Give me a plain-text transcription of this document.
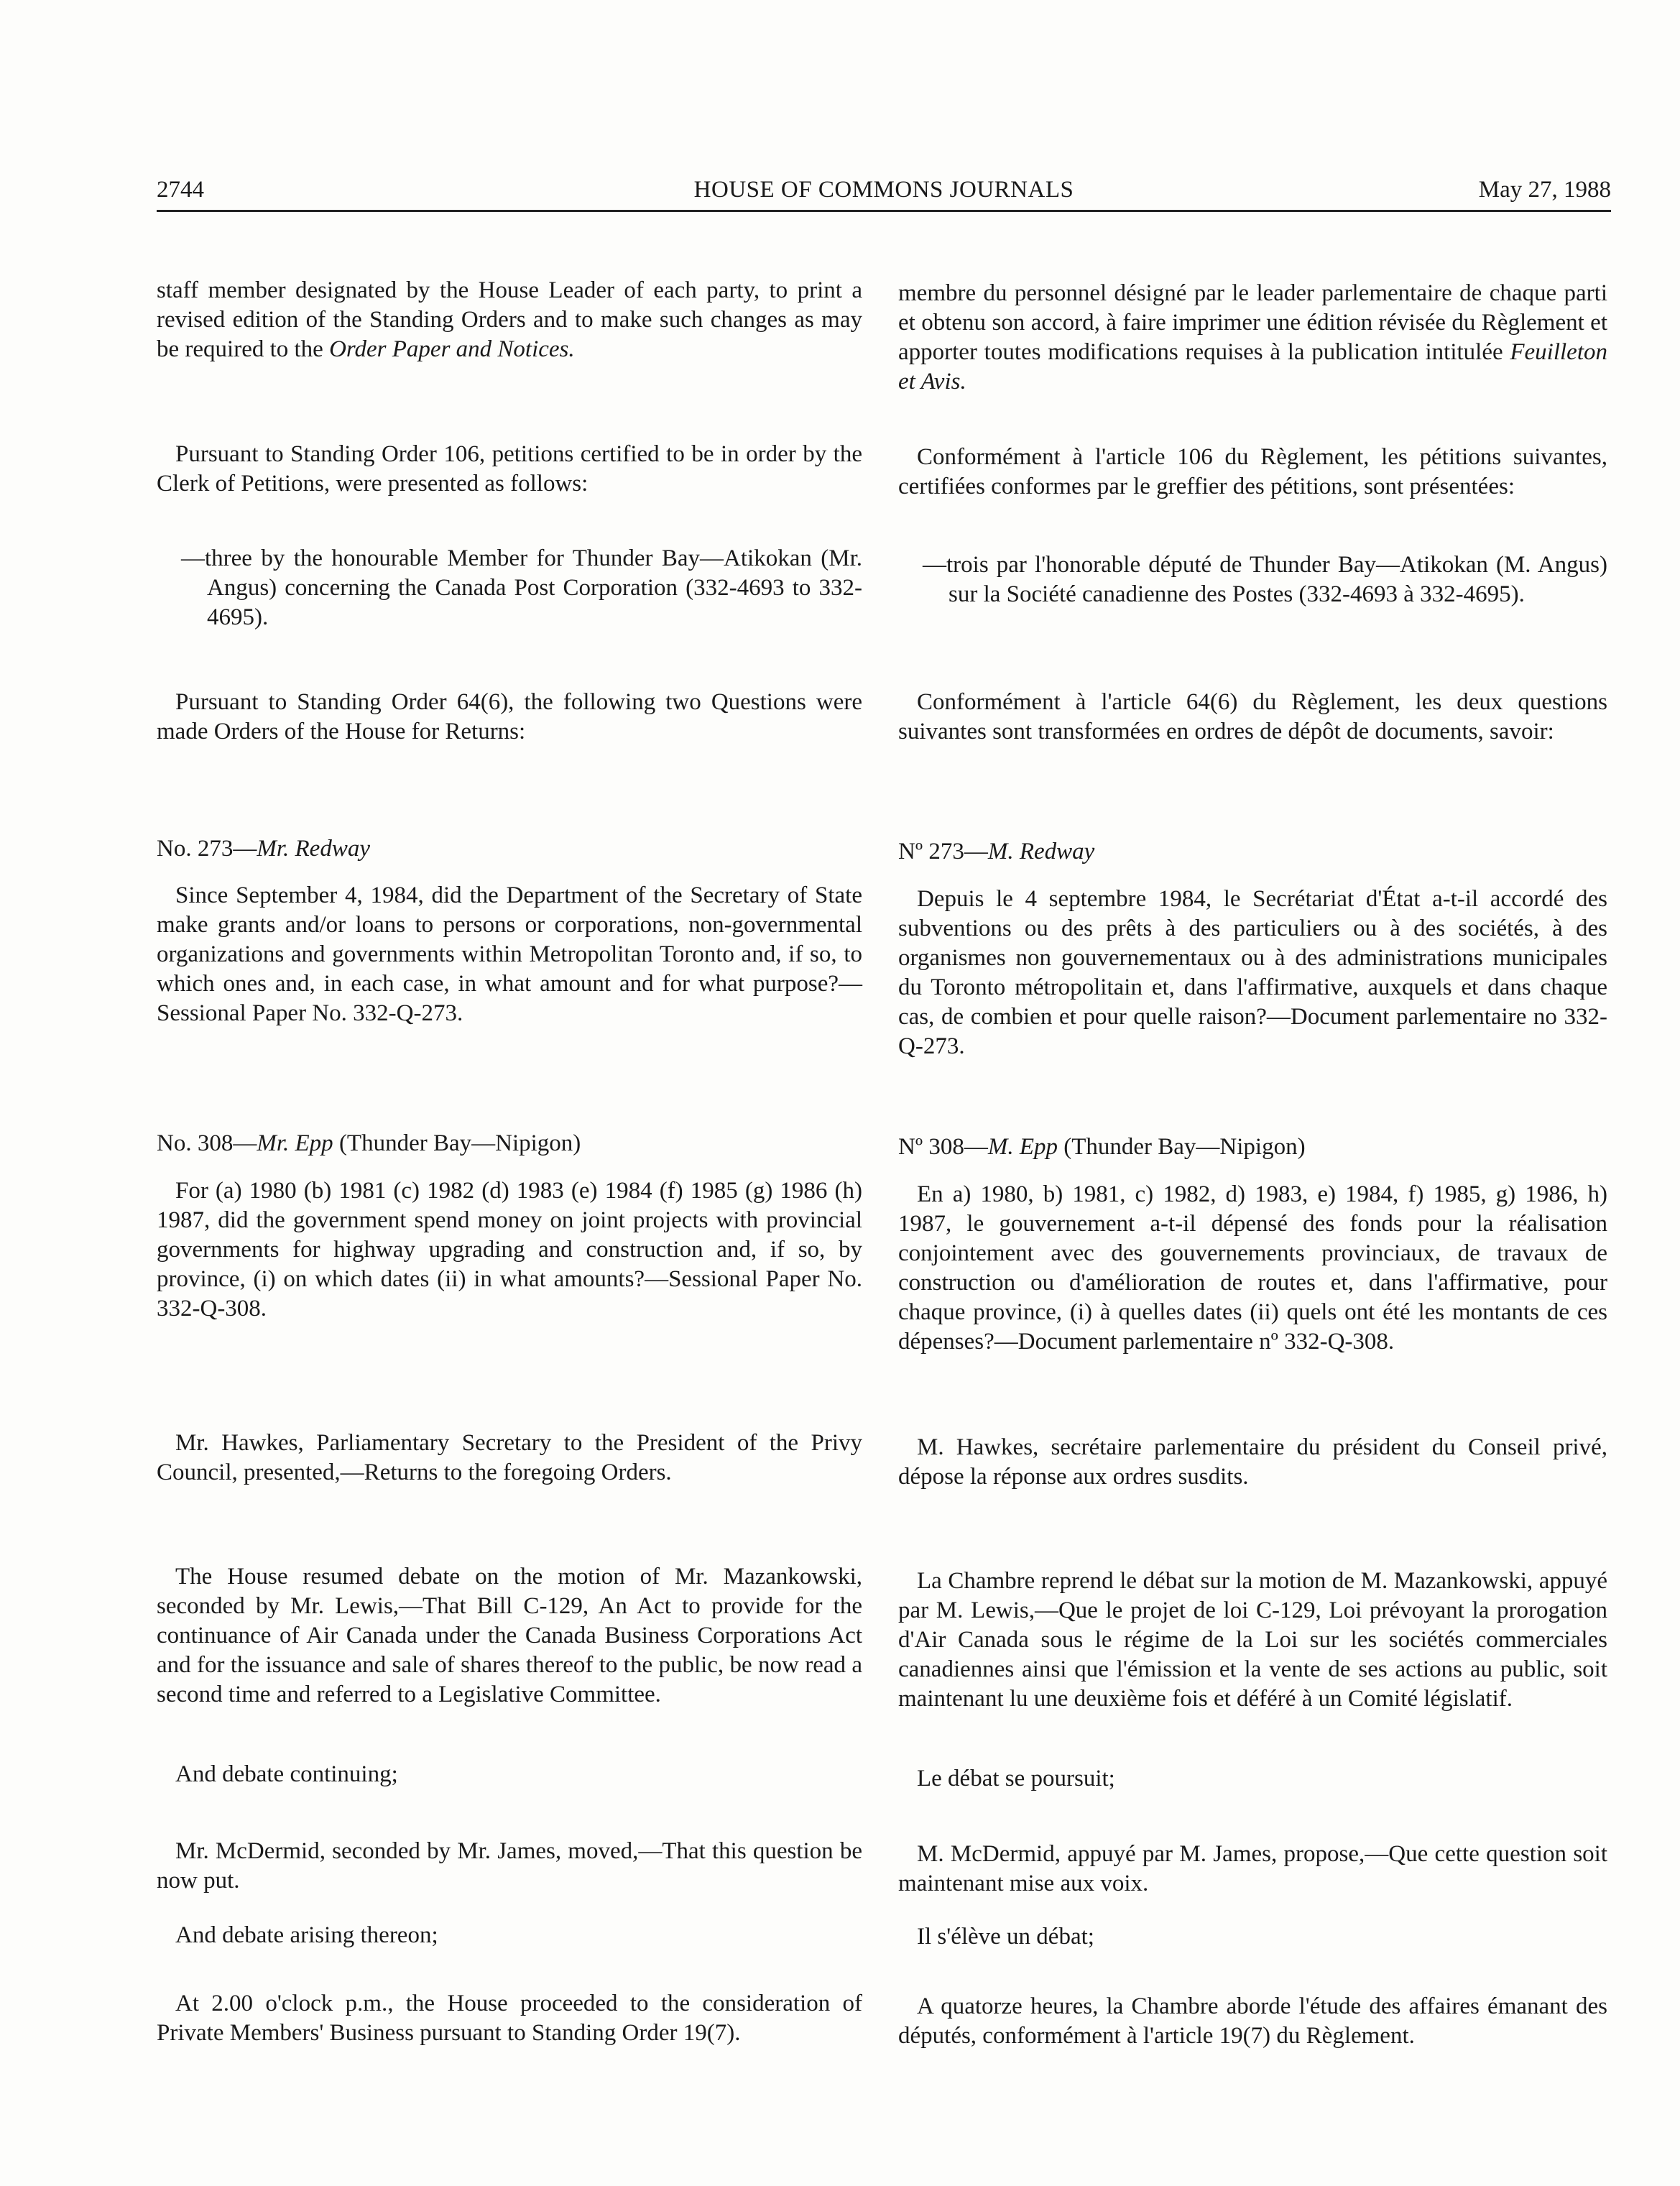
2744	HOUSE OF COMMONS JOURNALS	May 27, 1988

staff member designated by the House Leader of each party, to print a revised edition of the Standing Orders and to make such changes as may be required to the Order Paper and Notices.

Pursuant to Standing Order 106, petitions certified to be in order by the Clerk of Petitions, were presented as follows:

—three by the honourable Member for Thunder Bay—Atikokan (Mr. Angus) concerning the Canada Post Corporation (332-4693 to 332-4695).

Pursuant to Standing Order 64(6), the following two Questions were made Orders of the House for Returns:

No. 273—Mr. Redway

Since September 4, 1984, did the Department of the Secretary of State make grants and/or loans to persons or corporations, non-governmental organizations and governments within Metropolitan Toronto and, if so, to which ones and, in each case, in what amount and for what purpose?—Sessional Paper No. 332-Q-273.

No. 308—Mr. Epp (Thunder Bay—Nipigon)

For (a) 1980 (b) 1981 (c) 1982 (d) 1983 (e) 1984 (f) 1985 (g) 1986 (h) 1987, did the government spend money on joint projects with provincial governments for highway upgrading and construction and, if so, by province, (i) on which dates (ii) in what amounts?—Sessional Paper No. 332-Q-308.

Mr. Hawkes, Parliamentary Secretary to the President of the Privy Council, presented,—Returns to the foregoing Orders.

The House resumed debate on the motion of Mr. Mazankowski, seconded by Mr. Lewis,—That Bill C-129, An Act to provide for the continuance of Air Canada under the Canada Business Corporations Act and for the issuance and sale of shares thereof to the public, be now read a second time and referred to a Legislative Committee.

And debate continuing;

Mr. McDermid, seconded by Mr. James, moved,—That this question be now put.

And debate arising thereon;

At 2.00 o'clock p.m., the House proceeded to the consideration of Private Members' Business pursuant to Standing Order 19(7).

membre du personnel désigné par le leader parlementaire de chaque parti et obtenu son accord, à faire imprimer une édition révisée du Règlement et apporter toutes modifications requises à la publication intitulée Feuilleton et Avis.

Conformément à l'article 106 du Règlement, les pétitions suivantes, certifiées conformes par le greffier des pétitions, sont présentées:

—trois par l'honorable député de Thunder Bay—Atikokan (M. Angus) sur la Société canadienne des Postes (332-4693 à 332-4695).

Conformément à l'article 64(6) du Règlement, les deux questions suivantes sont transformées en ordres de dépôt de documents, savoir:

Nº 273—M. Redway

Depuis le 4 septembre 1984, le Secrétariat d'État a-t-il accordé des subventions ou des prêts à des particuliers ou à des sociétés, à des organismes non gouvernementaux ou à des administrations municipales du Toronto métropolitain et, dans l'affirmative, auxquels et dans chaque cas, de combien et pour quelle raison?—Document parlementaire no 332-Q-273.

Nº 308—M. Epp (Thunder Bay—Nipigon)

En a) 1980, b) 1981, c) 1982, d) 1983, e) 1984, f) 1985, g) 1986, h) 1987, le gouvernement a-t-il dépensé des fonds pour la réalisation conjointement avec des gouvernements provinciaux, de travaux de construction ou d'amélioration de routes et, dans l'affirmative, pour chaque province, (i) à quelles dates (ii) quels ont été les montants de ces dépenses?—Document parlementaire nº 332-Q-308.

M. Hawkes, secrétaire parlementaire du président du Conseil privé, dépose la réponse aux ordres susdits.

La Chambre reprend le débat sur la motion de M. Mazankowski, appuyé par M. Lewis,—Que le projet de loi C-129, Loi prévoyant la prorogation d'Air Canada sous le régime de la Loi sur les sociétés commerciales canadiennes ainsi que l'émission et la vente de ses actions au public, soit maintenant lu une deuxième fois et déféré à un Comité législatif.

Le débat se poursuit;

M. McDermid, appuyé par M. James, propose,—Que cette question soit maintenant mise aux voix.

Il s'élève un débat;

A quatorze heures, la Chambre aborde l'étude des affaires émanant des députés, conformément à l'article 19(7) du Règlement.
